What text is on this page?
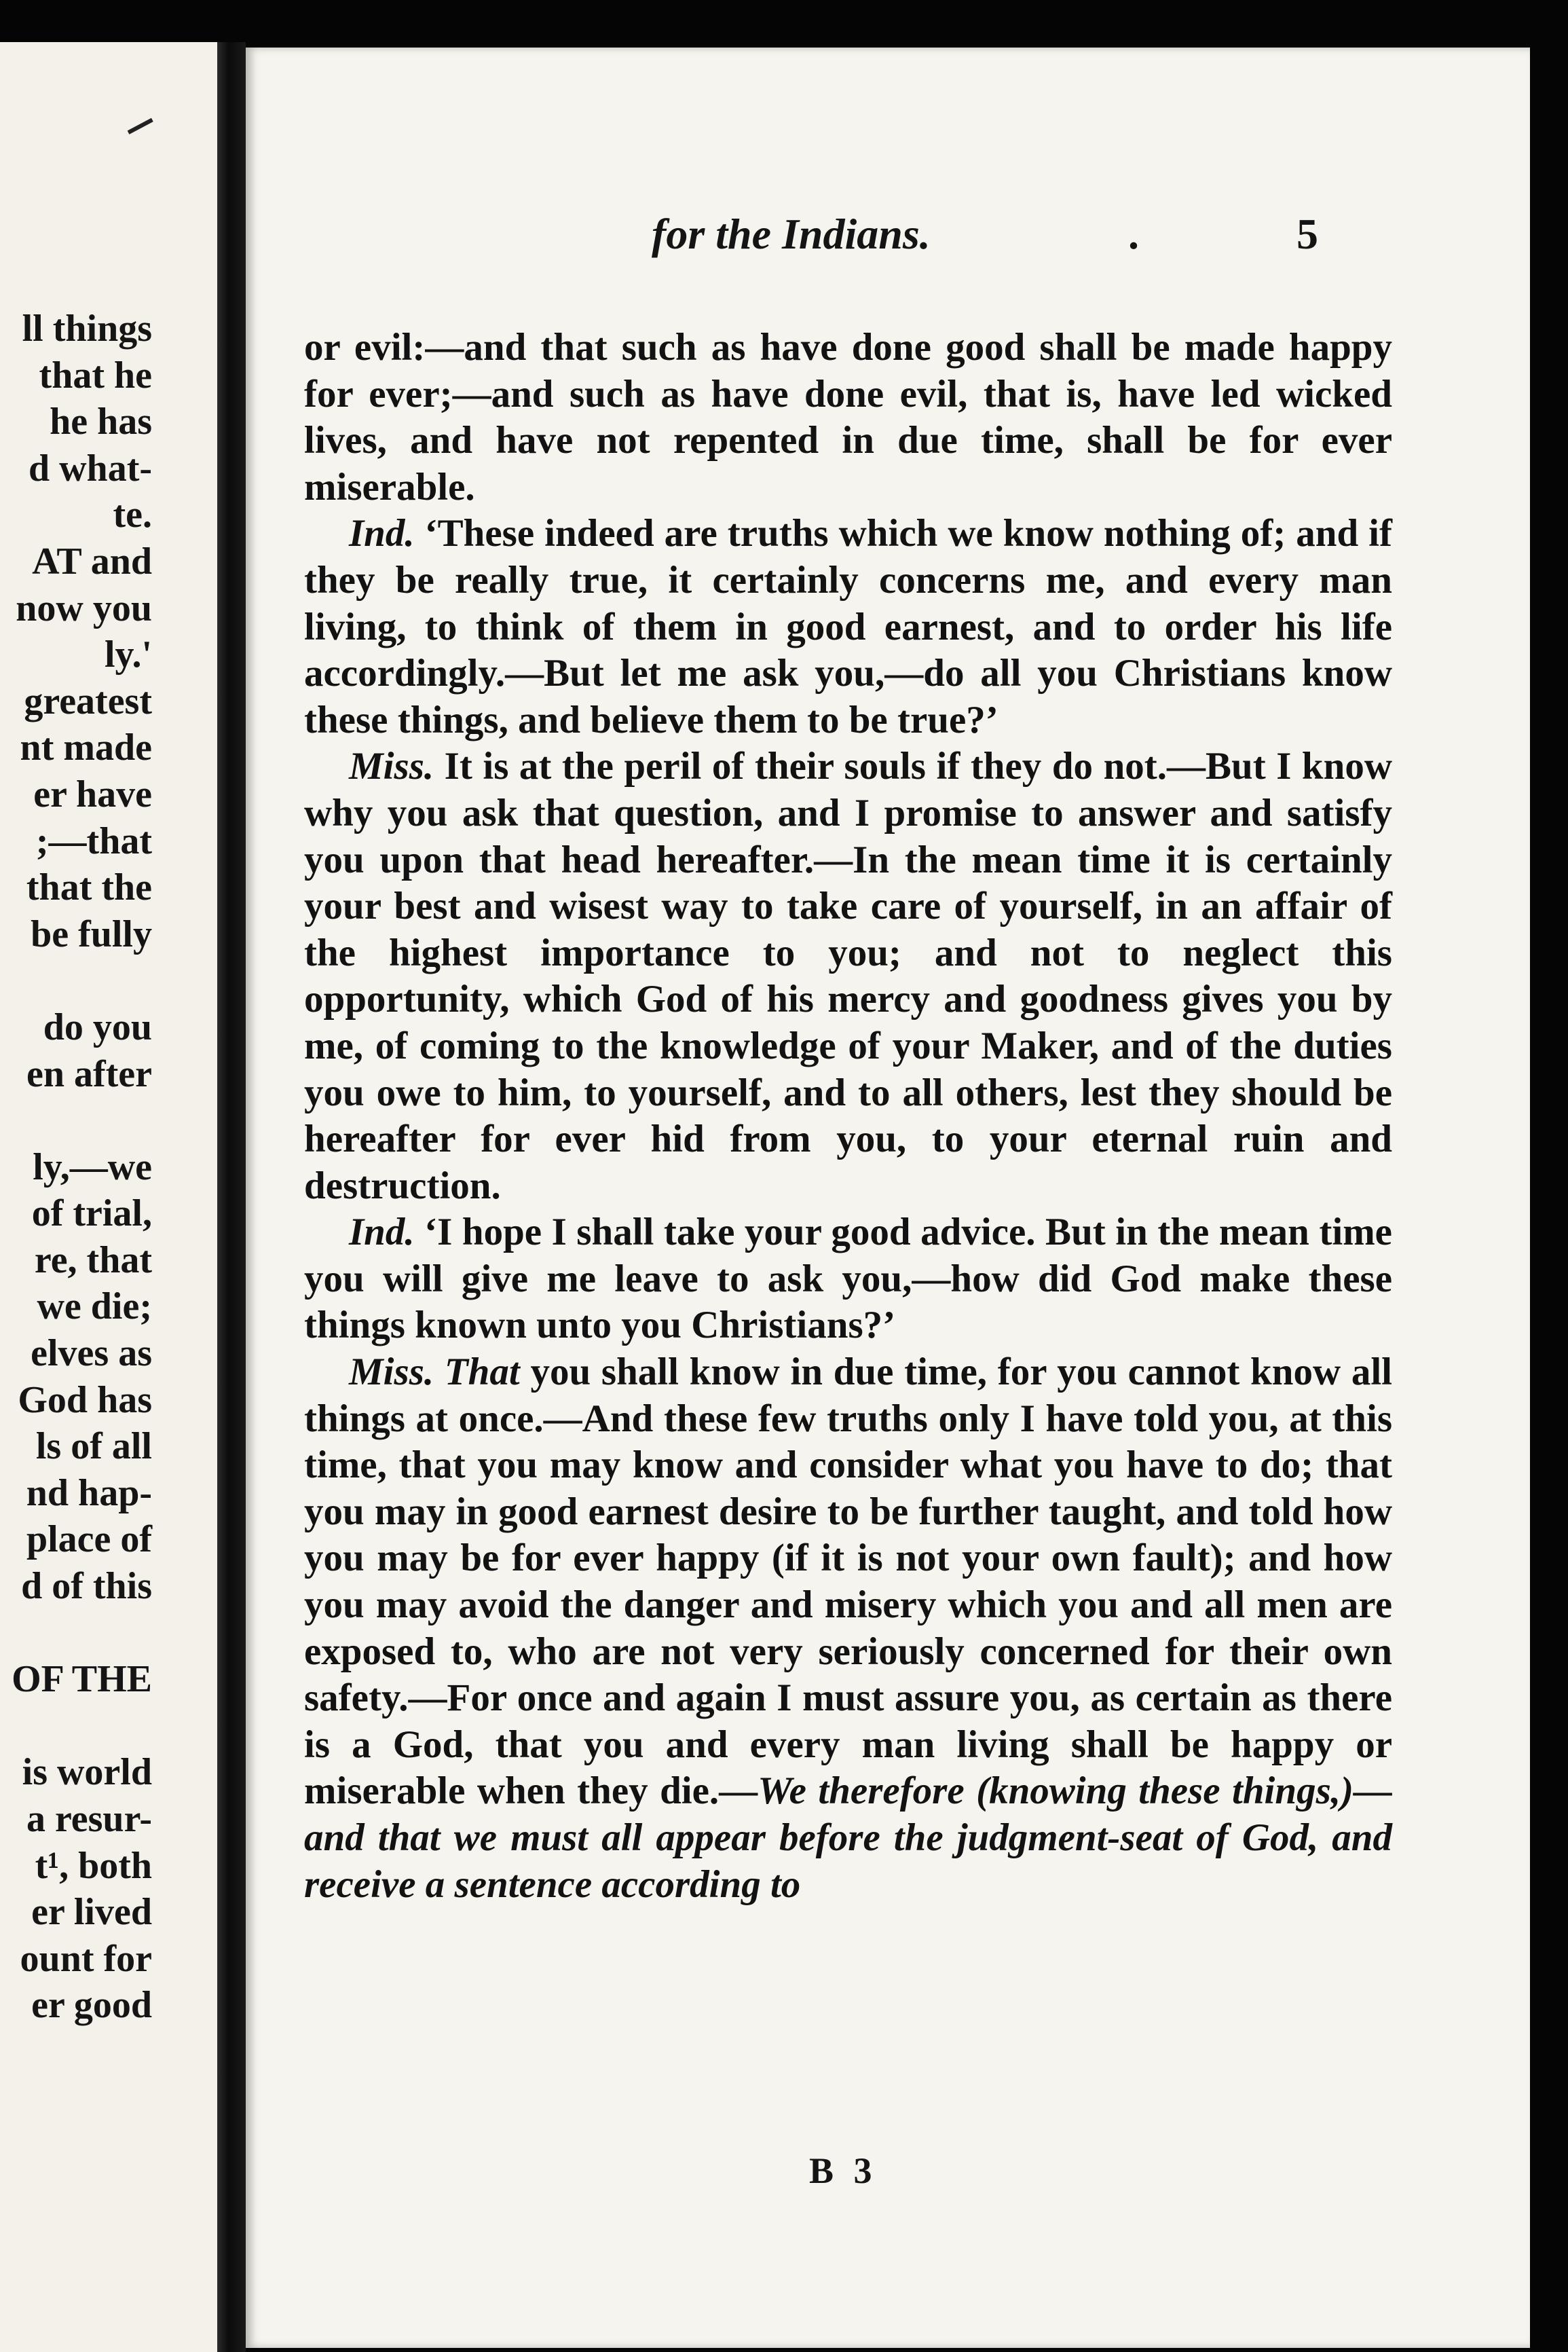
ll things
that he
he has
d what-
te.
AT and
now you
ly.'
greatest
nt made
er have
;—that
that the
be fully
do you
en after
ly,—we
of trial,
re, that
we die;
elves as
God has
ls of all
nd hap-
place of
d of this
OF THE
is world
a resur-
t¹, both
er lived
ount for
er good
for the Indians.	.	5

or evil:—and that such as have done good shall be made happy for ever;—and such as have done evil, that is, have led wicked lives, and have not repented in due time, shall be for ever miserable.

Ind. ‘These indeed are truths which we know nothing of; and if they be really true, it certainly concerns me, and every man living, to think of them in good earnest, and to order his life accordingly.—But let me ask you,—do all you Christians know these things, and believe them to be true?’

Miss. It is at the peril of their souls if they do not.—But I know why you ask that question, and I promise to answer and satisfy you upon that head hereafter.—In the mean time it is certainly your best and wisest way to take care of yourself, in an affair of the highest importance to you; and not to neglect this opportunity, which God of his mercy and goodness gives you by me, of coming to the knowledge of your Maker, and of the duties you owe to him, to yourself, and to all others, lest they should be hereafter for ever hid from you, to your eternal ruin and destruction.

Ind. ‘I hope I shall take your good advice. But in the mean time you will give me leave to ask you,—how did God make these things known unto you Christians?’

Miss. That you shall know in due time, for you cannot know all things at once.—And these few truths only I have told you, at this time, that you may know and consider what you have to do; that you may in good earnest desire to be further taught, and told how you may be for ever happy (if it is not your own fault); and how you may avoid the danger and misery which you and all men are exposed to, who are not very seriously concerned for their own safety.—For once and again I must assure you, as certain as there is a God, that you and every man living shall be happy or miserable when they die.—We therefore (knowing these things,)—and that we must all appear before the judgment-seat of God, and receive a sentence according to

B 3
